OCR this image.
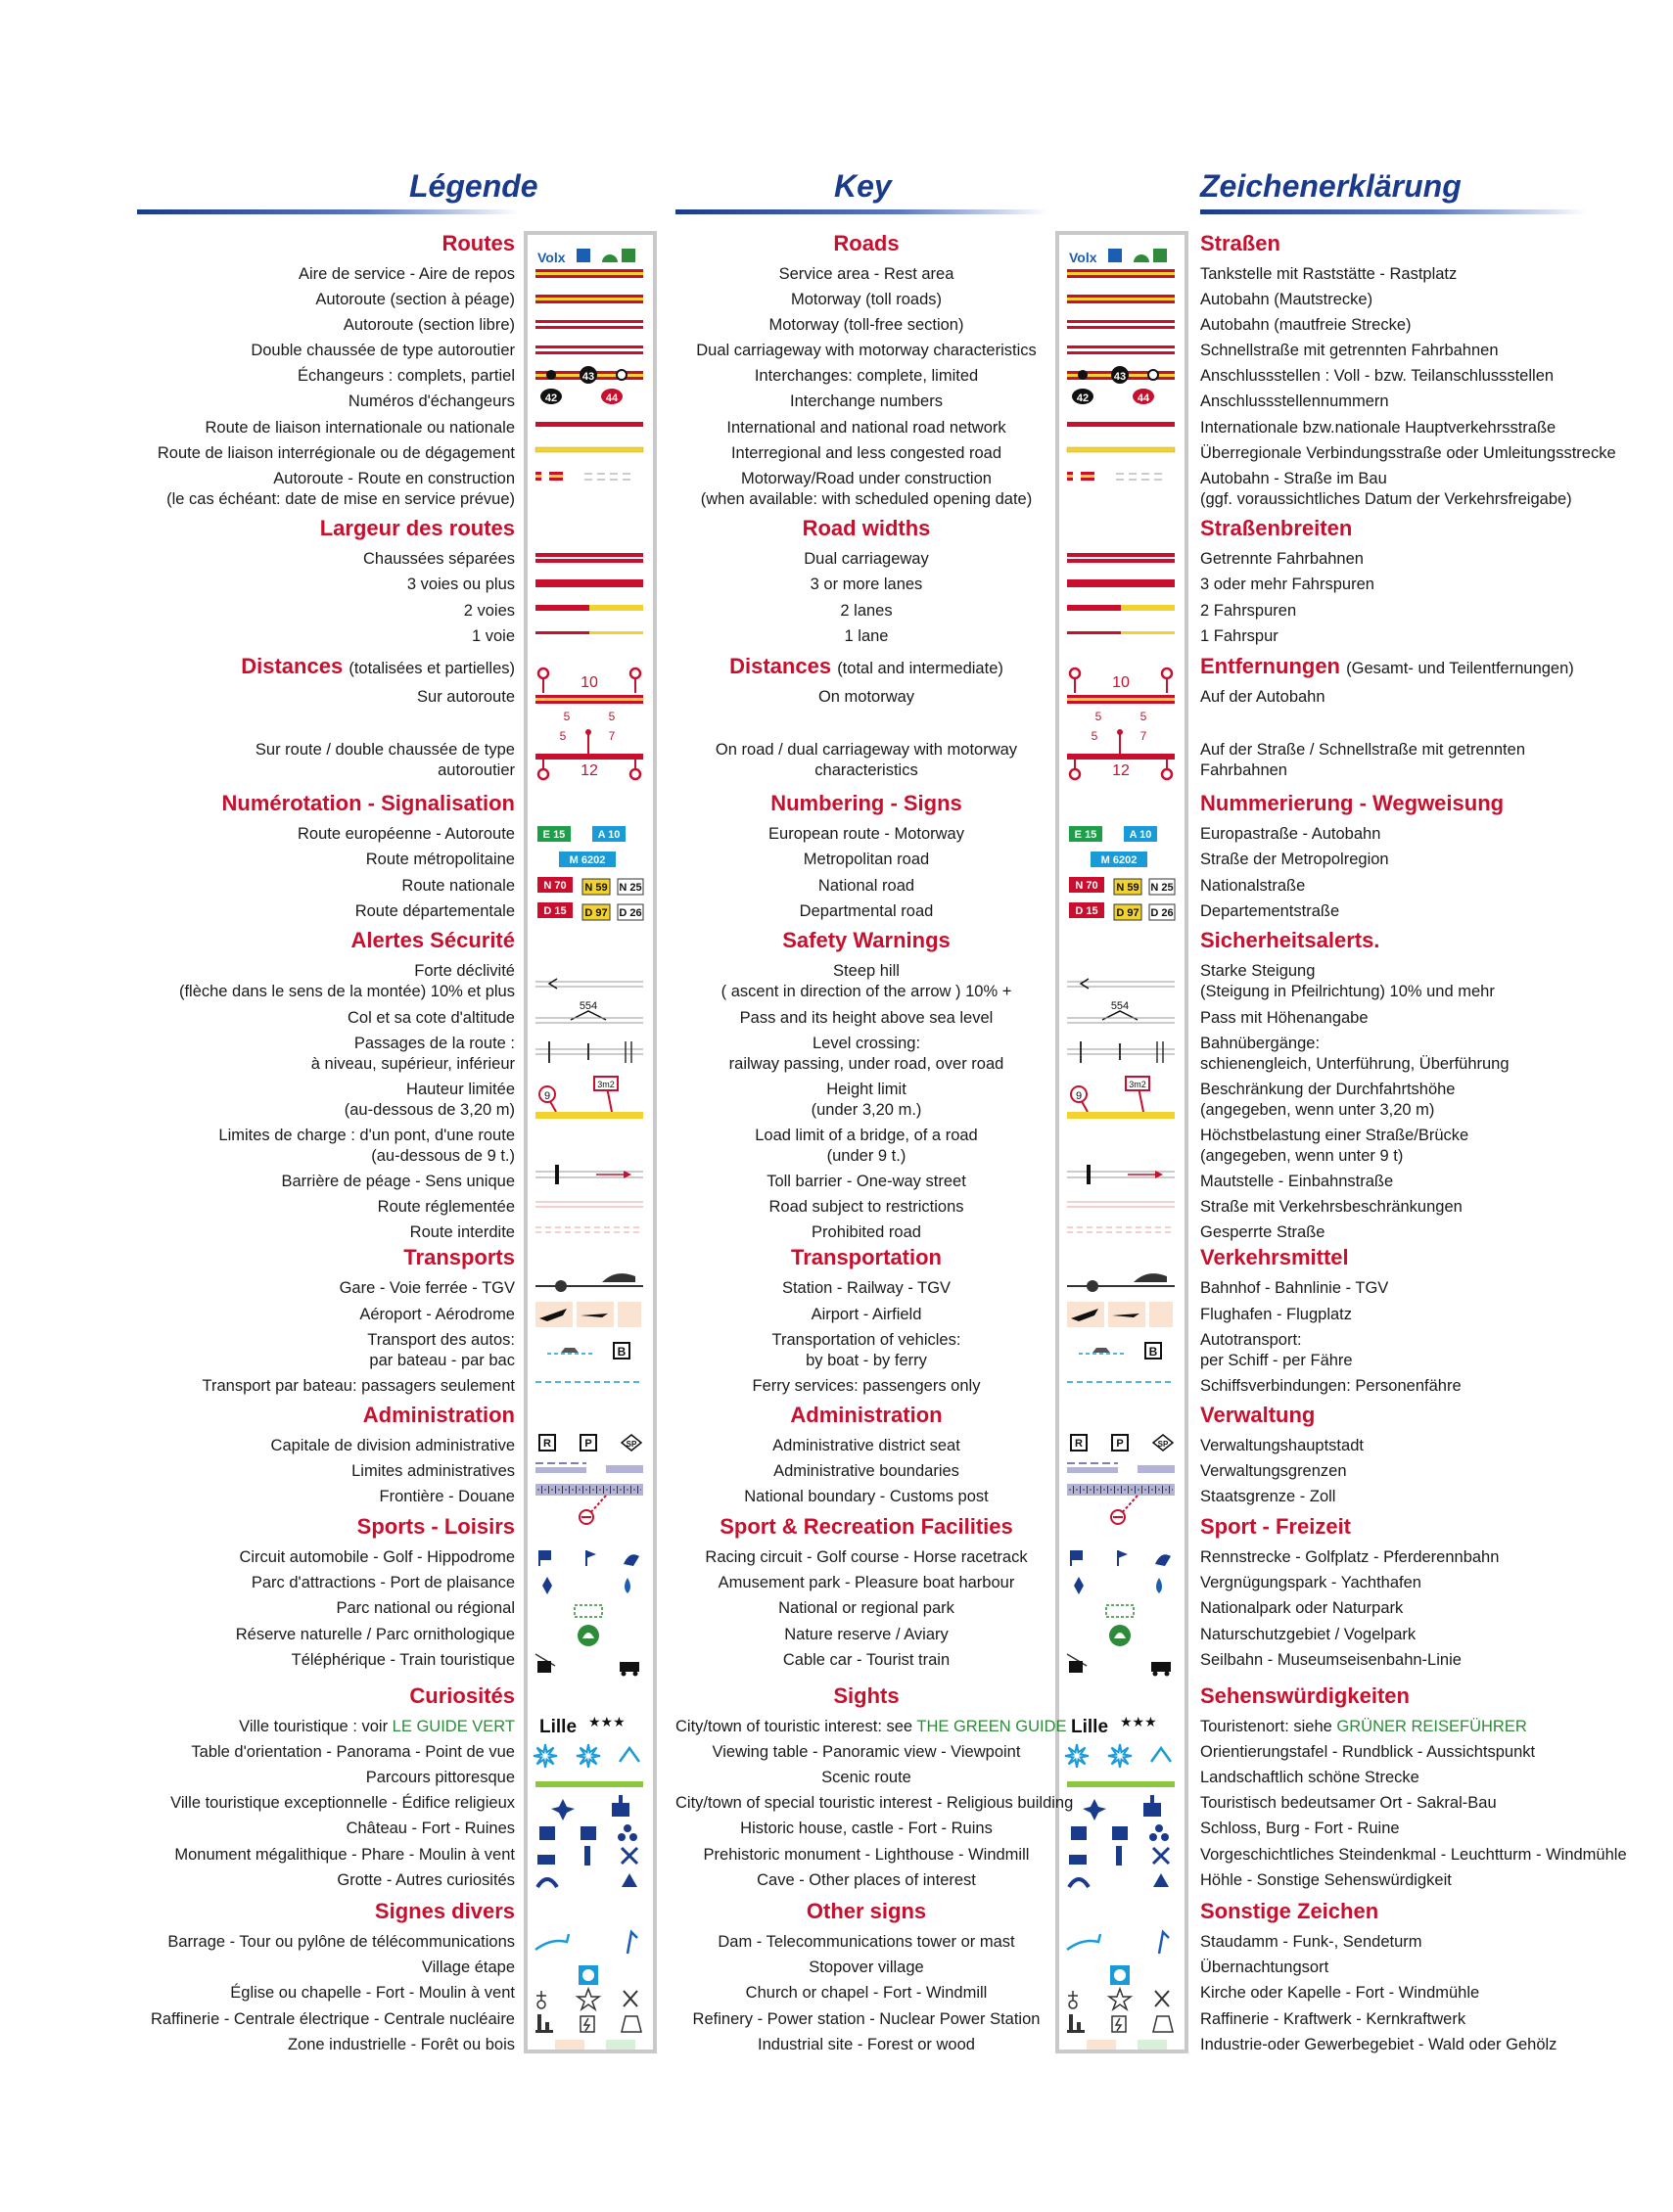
Légende	Key	Zeichenerklärung
Volx
43
42	44
10
5	5
5	7
12
E 15	A 10
M 6202
N 70 N 59 N 25
D 15 D 97 D 26
554
9
3m2
B
R	P	SP
Lille ★★★
Volx
43
42	44
10
5	5
5	7
12
E 15	A 10
M 6202
N 70 N 59 N 25
D 15 D 97 D 26
554
9
3m2
B
R	P	SP
Lille ★★★
Routes	Roads	Straßen
Aire de service - Aire de repos	Service area - Rest area	Tankstelle mit Raststätte - Rastplatz
Autoroute (section à péage)	Motorway (toll roads)	Autobahn (Mautstrecke)
Autoroute (section libre)	Motorway (toll-free section)	Autobahn (mautfreie Strecke)
Double chaussée de type autoroutier	Dual carriageway with motorway characteristics	Schnellstraße mit getrennten Fahrbahnen
Échangeurs : complets, partiel	Interchanges: complete, limited	Anschlussstellen : Voll - bzw. Teilanschlussstellen
Numéros d'échangeurs	Interchange numbers	Anschlussstellennummern
Route de liaison internationale ou nationale	International and national road network	Internationale bzw.nationale Hauptverkehrsstraße
Route de liaison interrégionale ou de dégagement	Interregional and less congested road	Überregionale Verbindungsstraße oder Umleitungsstrecke
Autoroute - Route en construction	Motorway/Road under construction	Autobahn - Straße im Bau
(le cas échéant: date de mise en service prévue)	(when available: with scheduled opening date)	(ggf. voraussichtliches Datum der Verkehrsfreigabe)
Largeur des routes	Road widths	Straßenbreiten
Chaussées séparées	Dual carriageway	Getrennte Fahrbahnen
3 voies ou plus	3 or more lanes	3 oder mehr Fahrspuren
2 voies	2 lanes	2 Fahrspuren
1 voie	1 lane	1 Fahrspur
Distances (totalisées et partielles)	Distances (total and intermediate)	Entfernungen (Gesamt- und Teilentfernungen)
Sur autoroute	On motorway	Auf der Autobahn
Sur route / double chaussée de type	On road / dual carriageway with motorway	Auf der Straße / Schnellstraße mit getrennten
autoroutier	characteristics	Fahrbahnen
Numérotation - Signalisation	Numbering - Signs	Nummerierung - Wegweisung
Route européenne - Autoroute	European route - Motorway	Europastraße - Autobahn
Route métropolitaine	Metropolitan road	Straße der Metropolregion
Route nationale	National road	Nationalstraße
Route départementale	Departmental road	Departementstraße
Alertes Sécurité	Safety Warnings	Sicherheitsalerts.
Forte déclivité	Steep hill	Starke Steigung
(flèche dans le sens de la montée) 10% et plus	( ascent in direction of the arrow ) 10% +	(Steigung in Pfeilrichtung) 10% und mehr
Col et sa cote d'altitude	Pass and its height above sea level	Pass mit Höhenangabe
Passages de la route :	Level crossing:	Bahnübergänge:
à niveau, supérieur, inférieur	railway passing, under road, over road	schienengleich, Unterführung, Überführung
Hauteur limitée	Height limit	Beschränkung der Durchfahrtshöhe
(au-dessous de 3,20 m)	(under 3,20 m.)	(angegeben, wenn unter 3,20 m)
Limites de charge : d'un pont, d'une route	Load limit of a bridge, of a road	Höchstbelastung einer Straße/Brücke
(au-dessous de 9 t.)	(under 9 t.)	(angegeben, wenn unter 9 t)
Barrière de péage - Sens unique	Toll barrier - One-way street	Mautstelle - Einbahnstraße
Route réglementée	Road subject to restrictions	Straße mit Verkehrsbeschränkungen
Route interdite	Prohibited road	Gesperrte Straße
Transports	Transportation	Verkehrsmittel
Gare - Voie ferrée - TGV	Station - Railway - TGV	Bahnhof - Bahnlinie - TGV
Aéroport - Aérodrome	Airport - Airfield	Flughafen - Flugplatz
Transport des autos:	Transportation of vehicles:	Autotransport:
par bateau - par bac	by boat - by ferry	per Schiff - per Fähre
Transport par bateau: passagers seulement	Ferry services: passengers only	Schiffsverbindungen: Personenfähre
Administration	Administration	Verwaltung
Capitale de division administrative	Administrative district seat	Verwaltungshauptstadt
Limites administratives	Administrative boundaries	Verwaltungsgrenzen
Frontière - Douane	National boundary - Customs post	Staatsgrenze - Zoll
Sports - Loisirs	Sport & Recreation Facilities	Sport - Freizeit
Circuit automobile - Golf - Hippodrome	Racing circuit - Golf course - Horse racetrack	Rennstrecke - Golfplatz - Pferderennbahn
Parc d'attractions - Port de plaisance	Amusement park - Pleasure boat harbour	Vergnügungspark - Yachthafen
Parc national ou régional	National or regional park	Nationalpark oder Naturpark
Réserve naturelle / Parc ornithologique	Nature reserve / Aviary	Naturschutzgebiet / Vogelpark
Téléphérique - Train touristique	Cable car - Tourist train	Seilbahn - Museumseisenbahn-Linie
Curiosités	Sights	Sehenswürdigkeiten
Ville touristique : voir LE GUIDE VERT	City/town of touristic interest: see THE GREEN GUIDE	Touristenort: siehe GRÜNER REISEFÜHRER
Table d'orientation - Panorama - Point de vue	Viewing table - Panoramic view - Viewpoint	Orientierungstafel - Rundblick - Aussichtspunkt
Parcours pittoresque	Scenic route	Landschaftlich schöne Strecke
Ville touristique exceptionnelle - Édifice religieux	City/town of special touristic interest - Religious building	Touristisch bedeutsamer Ort - Sakral-Bau
Château - Fort - Ruines	Historic house, castle - Fort - Ruins	Schloss, Burg - Fort - Ruine
Monument mégalithique - Phare - Moulin à vent	Prehistoric monument - Lighthouse - Windmill	Vorgeschichtliches Steindenkmal - Leuchtturm - Windmühle
Grotte - Autres curiosités	Cave - Other places of interest	Höhle - Sonstige Sehenswürdigkeit
Signes divers	Other signs	Sonstige Zeichen
Barrage - Tour ou pylône de télécommunications	Dam - Telecommunications tower or mast	Staudamm - Funk-, Sendeturm
Village étape	Stopover village	Übernachtungsort
Église ou chapelle - Fort - Moulin à vent	Church or chapel - Fort - Windmill	Kirche oder Kapelle - Fort - Windmühle
Raffinerie - Centrale électrique - Centrale nucléaire	Refinery - Power station - Nuclear Power Station	Raffinerie - Kraftwerk - Kernkraftwerk
Zone industrielle - Forêt ou bois	Industrial site - Forest or wood	Industrie-oder Gewerbegebiet - Wald oder Gehölz
